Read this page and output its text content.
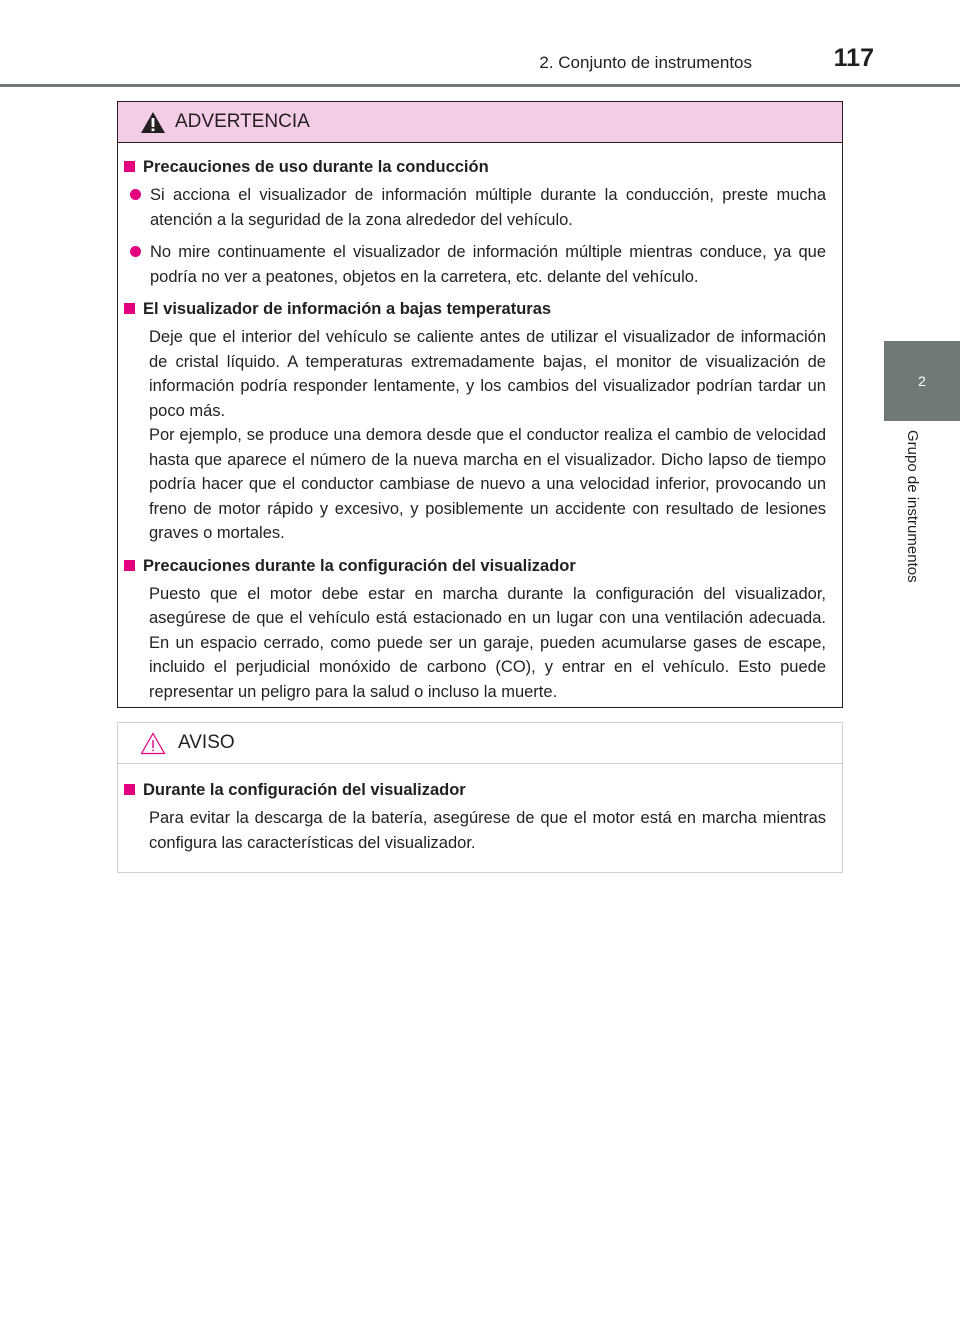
2. Conjunto de instrumentos	117
2
Grupo de instrumentos
ADVERTENCIA
Precauciones de uso durante la conducción
Si acciona el visualizador de información múltiple durante la conducción, preste mucha atención a la seguridad de la zona alrededor del vehículo.
No mire continuamente el visualizador de información múltiple mientras conduce, ya que podría no ver a peatones, objetos en la carretera, etc. delante del vehículo.
El visualizador de información a bajas temperaturas
Deje que el interior del vehículo se caliente antes de utilizar el visualizador de información de cristal líquido. A temperaturas extremadamente bajas, el monitor de visualización de información podría responder lentamente, y los cambios del visualizador podrían tardar un poco más.
Por ejemplo, se produce una demora desde que el conductor realiza el cambio de velocidad hasta que aparece el número de la nueva marcha en el visualizador. Dicho lapso de tiempo podría hacer que el conductor cambiase de nuevo a una velocidad inferior, provocando un freno de motor rápido y excesivo, y posiblemente un accidente con resultado de lesiones graves o mortales.
Precauciones durante la configuración del visualizador
Puesto que el motor debe estar en marcha durante la configuración del visualizador, asegúrese de que el vehículo está estacionado en un lugar con una ventilación adecuada. En un espacio cerrado, como puede ser un garaje, pueden acumularse gases de escape, incluido el perjudicial monóxido de carbono (CO), y entrar en el vehículo. Esto puede representar un peligro para la salud o incluso la muerte.
AVISO
Durante la configuración del visualizador
Para evitar la descarga de la batería, asegúrese de que el motor está en marcha mientras configura las características del visualizador.
